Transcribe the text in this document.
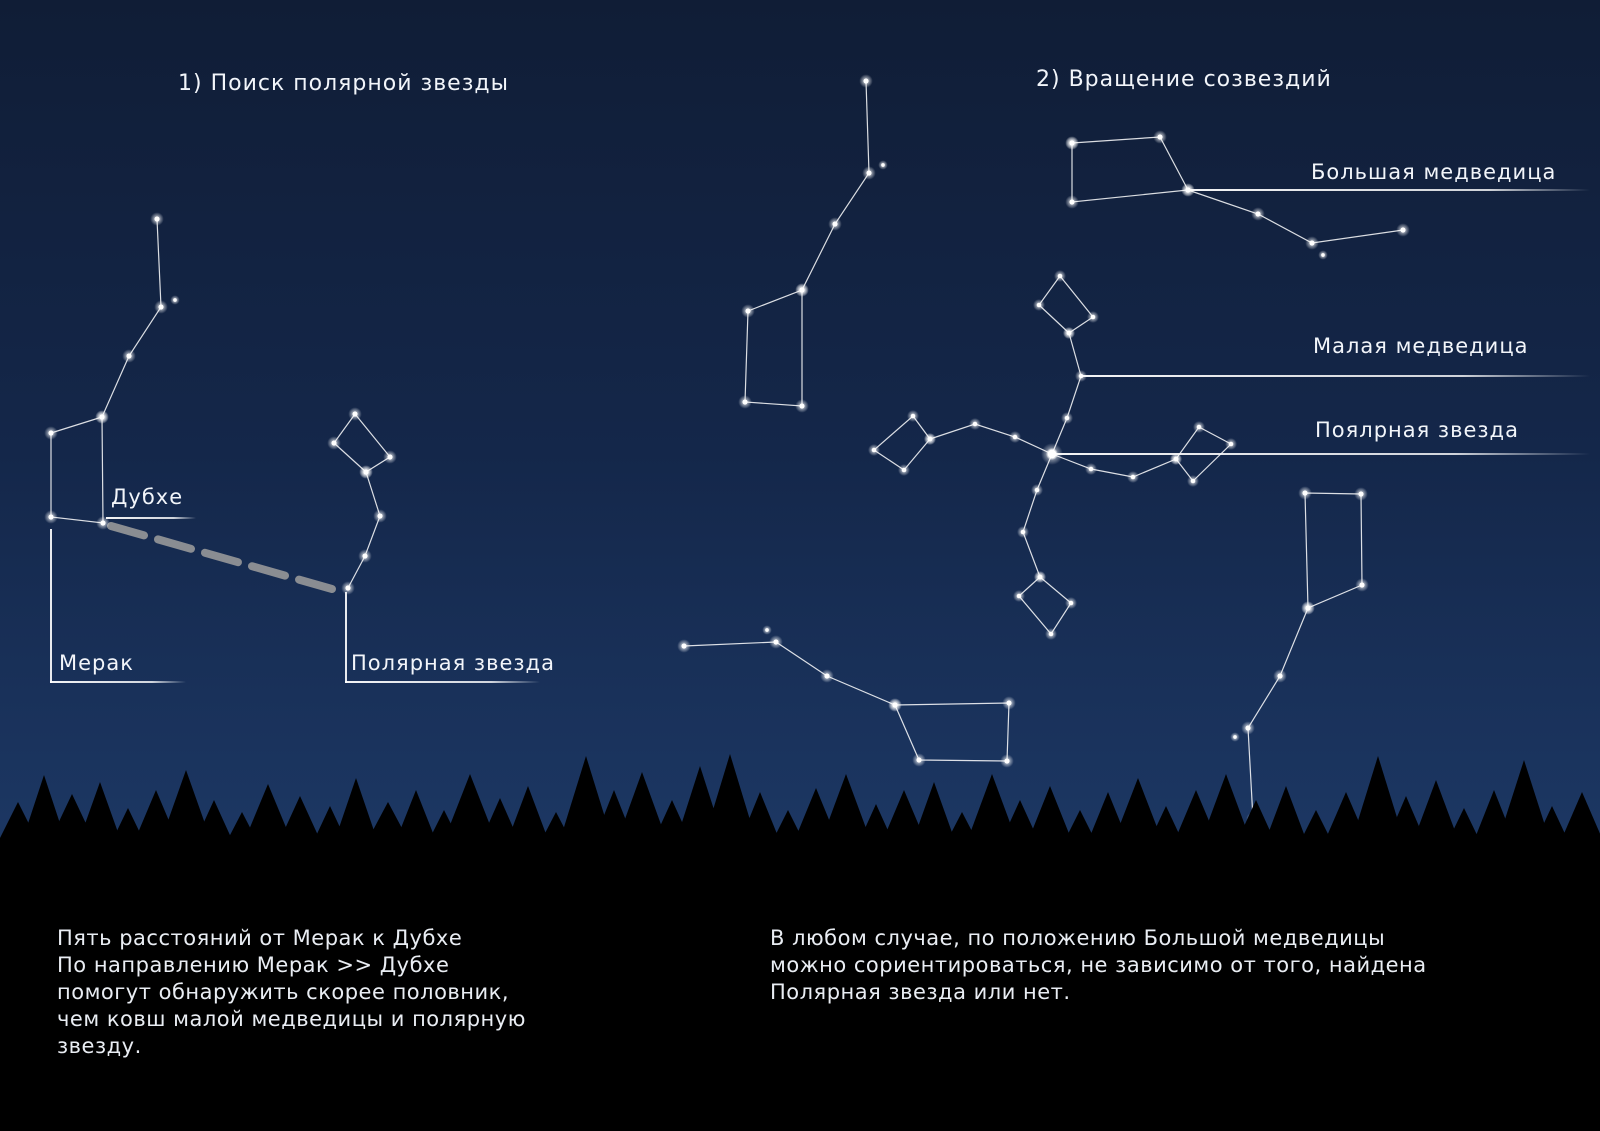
1) Поиск полярной звезды	2) Вращение созвездий
Дубхе
Мерак	Полярная звезда
Большая медведица
Малая медведица
Поялрная звезда
Пять расстояний от Мерак к Дубхе
По направлению Мерак >> Дубхе
помогут обнаружить скорее половник,
чем ковш малой медведицы и полярную
звезду.
В любом случае, по положению Большой медведицы
можно сориентироваться, не зависимо от того, найдена
Полярная звезда или нет.
